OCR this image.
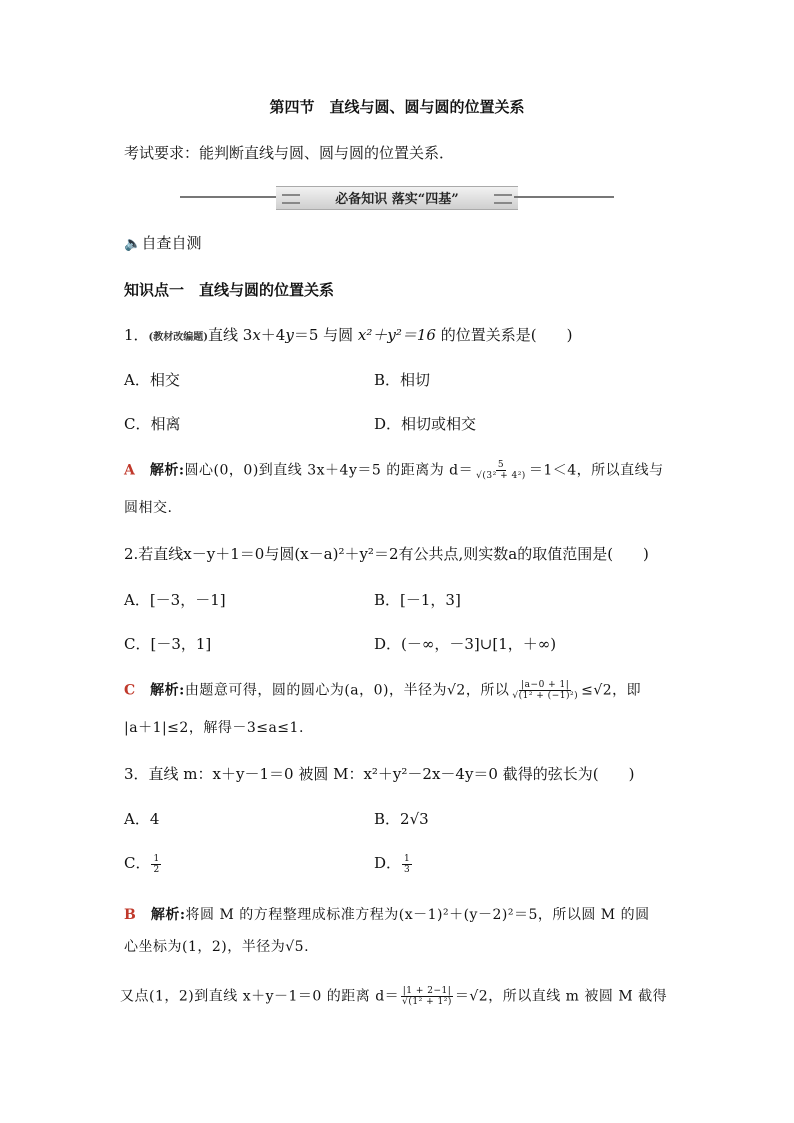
第四节　直线与圆、圆与圆的位置关系
考试要求：能判断直线与圆、圆与圆的位置关系．
必备知识 落实“四基”
🔈自查自测
知识点一　直线与圆的位置关系
1．(教材改编题)直线 3x＋4y＝5 与圆 x²＋y²＝16 的位置关系是(　　)
A．相交	B．相切
C．相离	D．相切或相交
A　 解析:圆心(0，0)到直线 3x＋4y＝5 的距离为 $d= \frac{5}{\text{√(3² + 4²)}} =1<4$，所以直线与
圆相交.
2.若直线x－y＋1＝0与圆(x－a)²＋y²＝2有公共点,则实数a的取值范围是(　　)
A．[－3，－1]	B．[－1，3]
C．[－3，1]	D．(－∞，－3]∪[1，＋∞)
C　 解析:由题意可得，圆的圆心为(a，0)，半径为√2，所以 $\frac{|a-0 + 1|}{\text{√(1² + (−1)²)}} \le√2$，即
|a＋1|≤2，解得－3≤a≤1.
3．直线 m：x＋y－1＝0 被圆 M：x²＋y²－2x－4y＝0 截得的弦长为(　　)
A．4	B．2√3
C． $\frac{1}{2}$	D． $\frac{1}{3}$
B　 解析:将圆 M 的方程整理成标准方程为(x－1)²＋(y－2)²＝5，所以圆 M 的圆
心坐标为(1，2)，半径为√5.
又点(1，2)到直线 x＋y－1＝0 的距离 $d= \frac{|1 + 2-1|}{\text{√(1² + 1²)}} =√2$，所以直线 m 被圆 M 截得
